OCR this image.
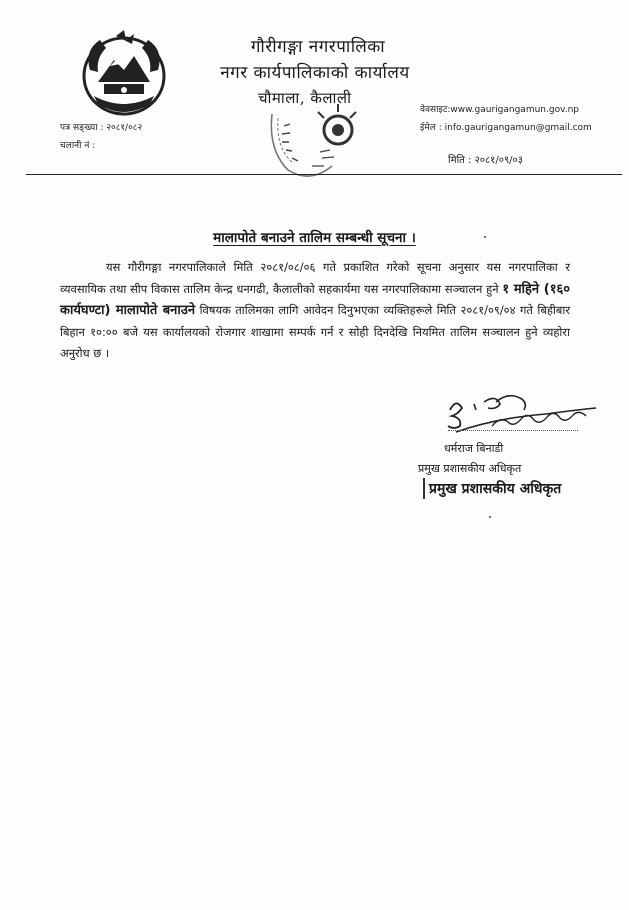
गौरीगङ्गा नगरपालिका
नगर कार्यपालिकाको कार्यालय
चौमाला, कैलाली
पत्र सङ्ख्या : २०८१/०८२
चलानी नं :
वेवसाइट:www.gaurigangamun.gov.np
ईमेल : info.gaurigangamun@gmail.com
मिति : २०८१/०९/०३
मालापोते बनाउने तालिम सम्बन्धी सूचना ।

यस गौरीगङ्गा नगरपालिकाले मिति २०८१/०८/०६ गते प्रकाशित गरेको सूचना अनुसार यस नगरपालिका र व्यवसायिक तथा सीप विकास तालिम केन्द्र धनगढी, कैलालीको सहकार्यमा यस नगरपालिकामा सञ्चालन हुने १ महिने (१६० कार्यघण्टा) मालापोते बनाउने विषयक तालिमका लागि आवेदन दिनुभएका व्यक्तिहरूले मिति २०८१/०९/०४ गते बिहीबार बिहान १०:०० बजे यस कार्यालयको रोजगार शाखामा सम्पर्क गर्न र सोही दिनदेखि नियमित तालिम सञ्चालन हुने व्यहोरा अनुरोध छ ।

धर्मराज बिनाडी
प्रमुख प्रशासकीय अधिकृत
प्रमुख प्रशासकीय अधिकृत
